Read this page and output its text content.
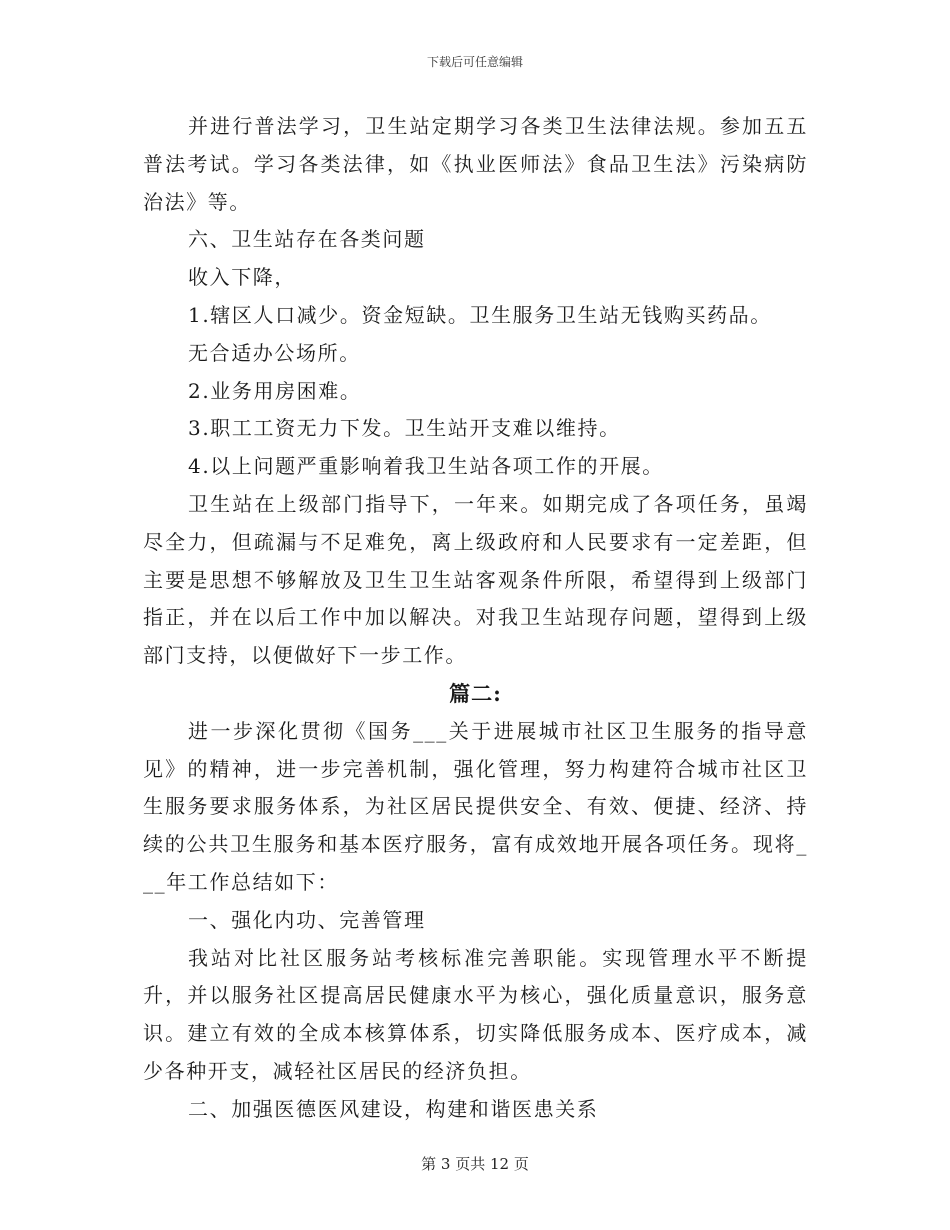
下载后可任意编辑

并进行普法学习，卫生站定期学习各类卫生法律法规。参加五五普法考试。学习各类法律，如《执业医师法》食品卫生法》污染病防治法》等。

六、卫生站存在各类问题

收入下降，

1.辖区人口减少。资金短缺。卫生服务卫生站无钱购买药品。

无合适办公场所。

2.业务用房困难。

3.职工工资无力下发。卫生站开支难以维持。

4.以上问题严重影响着我卫生站各项工作的开展。

卫生站在上级部门指导下，一年来。如期完成了各项任务，虽竭尽全力，但疏漏与不足难免，离上级政府和人民要求有一定差距，但主要是思想不够解放及卫生卫生站客观条件所限，希望得到上级部门指正，并在以后工作中加以解决。对我卫生站现存问题，望得到上级部门支持，以便做好下一步工作。

篇二:

进一步深化贯彻《国务___关于进展城市社区卫生服务的指导意见》的精神，进一步完善机制，强化管理，努力构建符合城市社区卫生服务要求服务体系，为社区居民提供安全、有效、便捷、经济、持续的公共卫生服务和基本医疗服务，富有成效地开展各项任务。现将___年工作总结如下：

一、强化内功、完善管理

我站对比社区服务站考核标准完善职能。实现管理水平不断提升，并以服务社区提高居民健康水平为核心，强化质量意识，服务意识。建立有效的全成本核算体系，切实降低服务成本、医疗成本，减少各种开支，减轻社区居民的经济负担。

二、加强医德医风建设，构建和谐医患关系

第 3 页共 12 页
